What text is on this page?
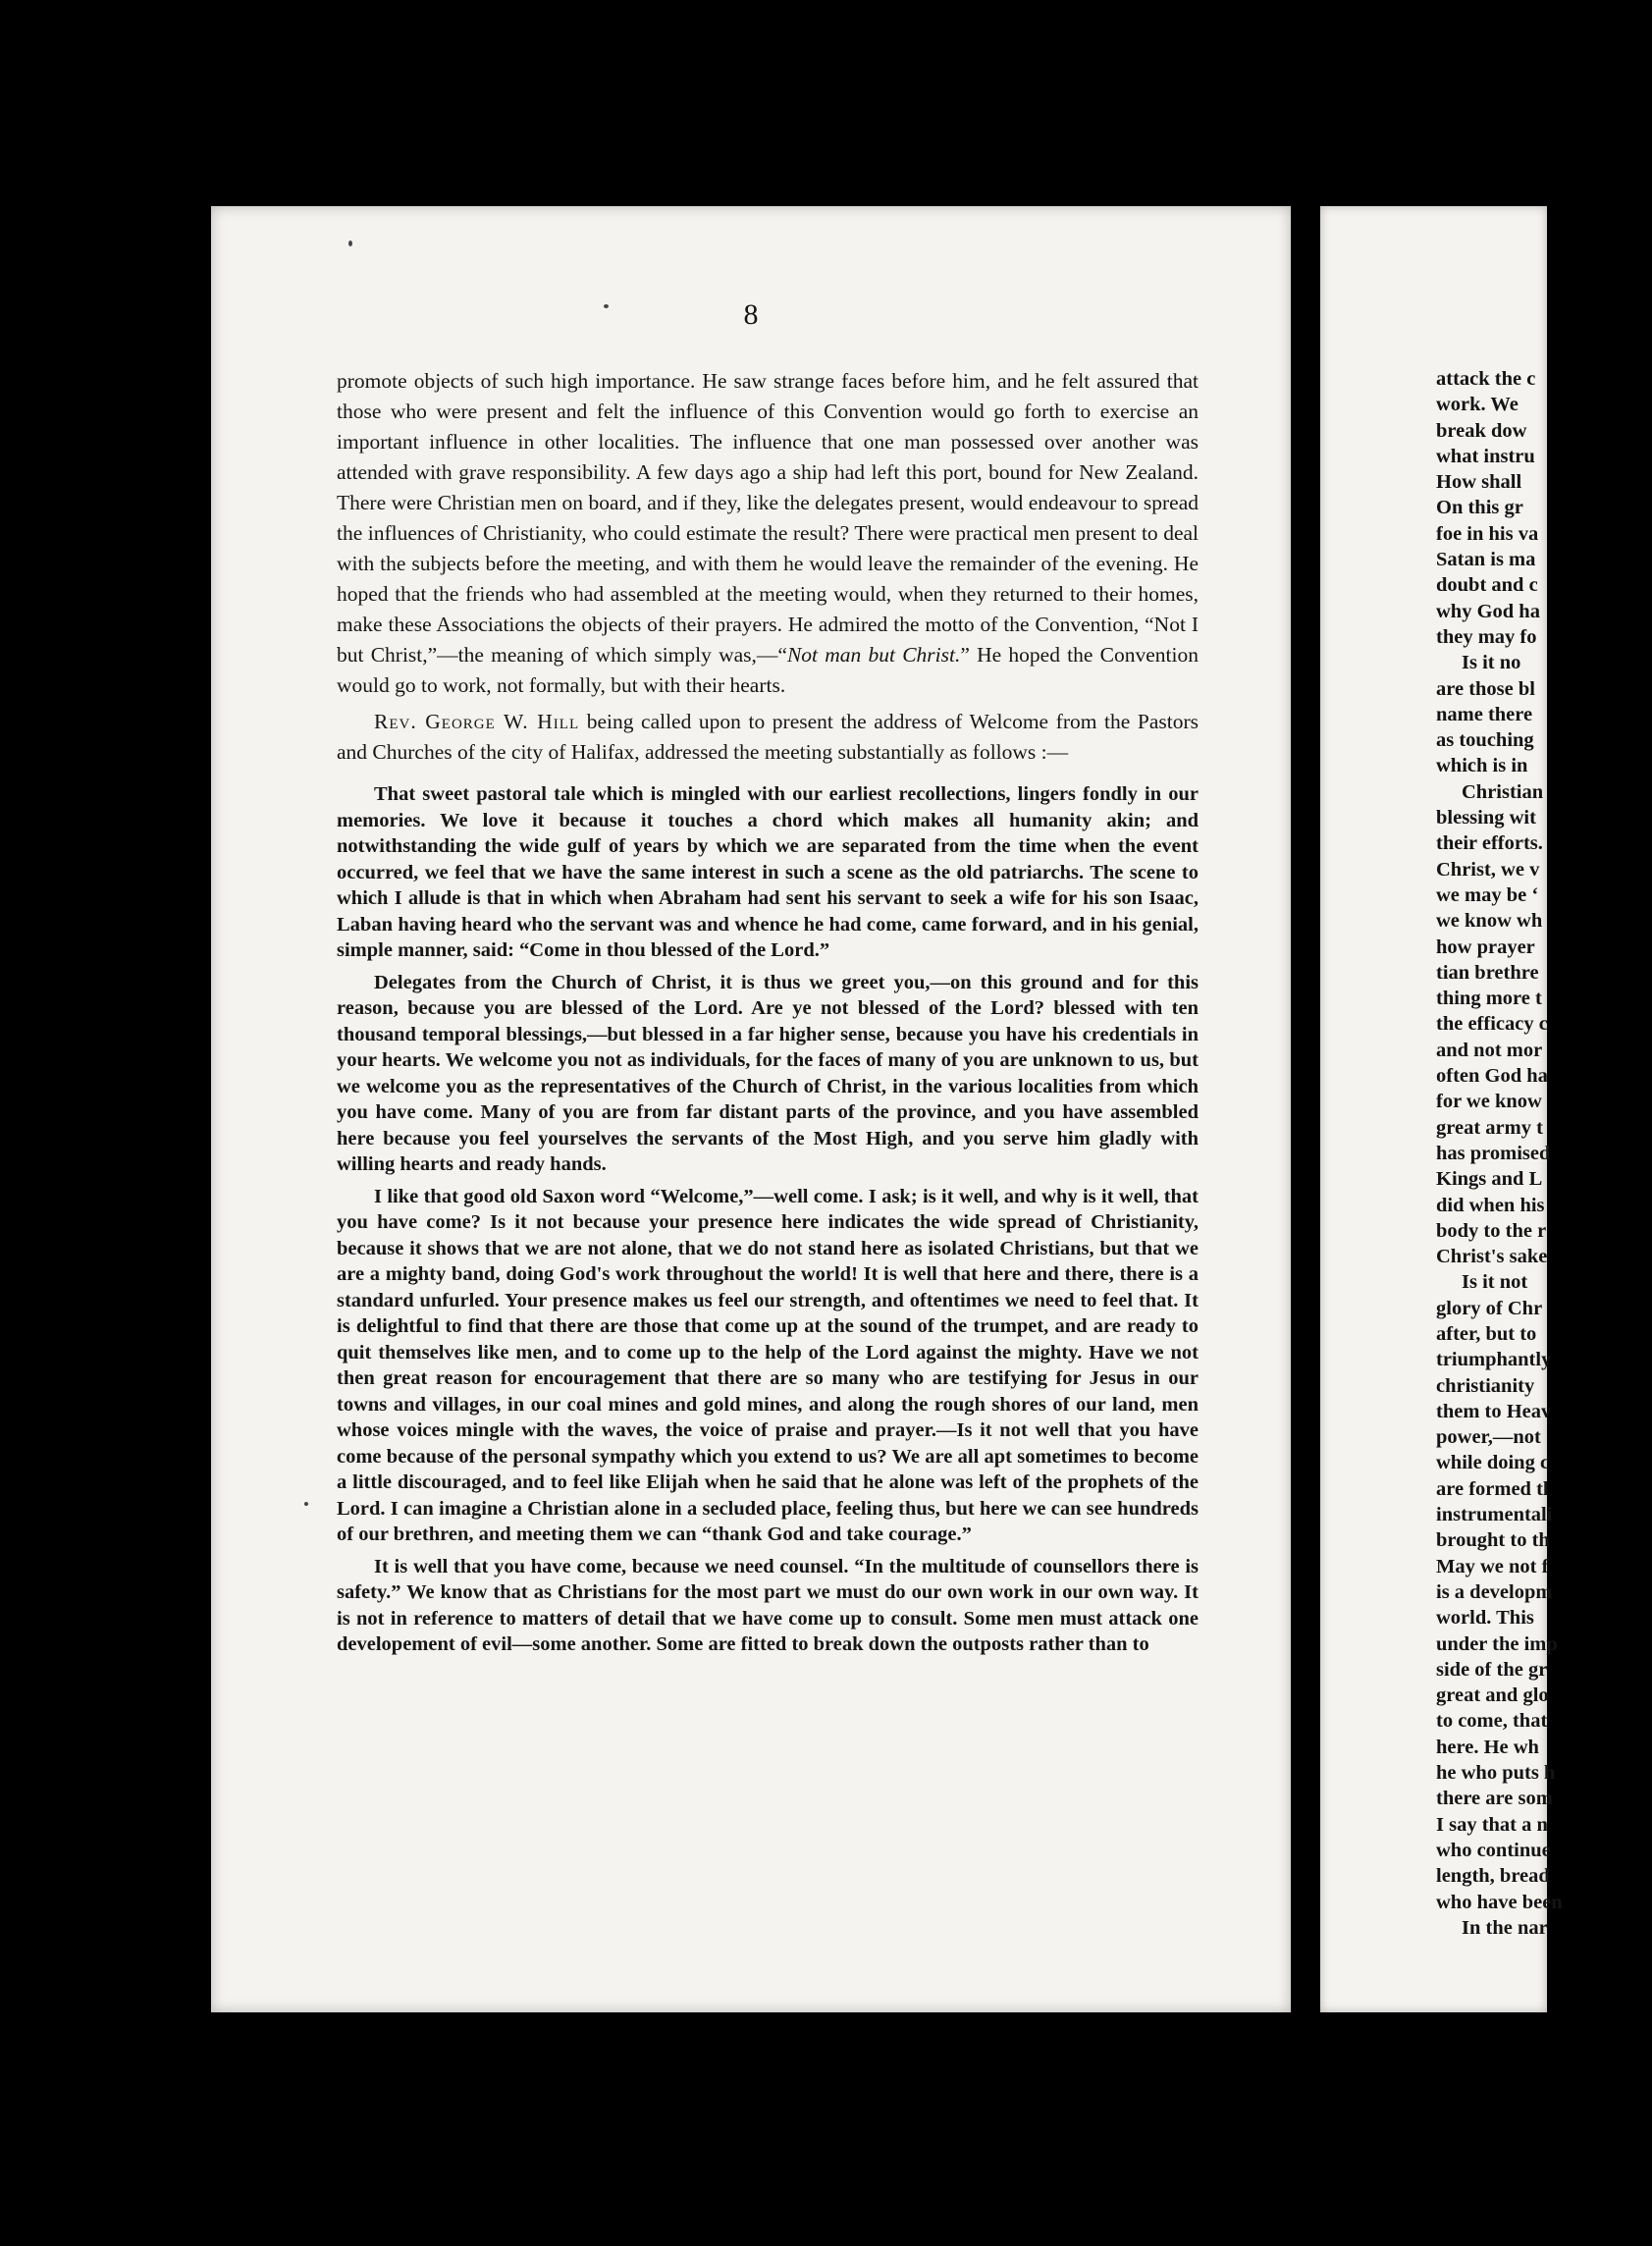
8

promote objects of such high importance. He saw strange faces before him, and he felt assured that those who were present and felt the influence of this Convention would go forth to exercise an important influence in other localities. The influence that one man possessed over another was attended with grave responsibility. A few days ago a ship had left this port, bound for New Zealand. There were Christian men on board, and if they, like the delegates present, would endeavour to spread the influences of Christianity, who could estimate the result? There were practical men present to deal with the subjects before the meeting, and with them he would leave the remainder of the evening. He hoped that the friends who had assembled at the meeting would, when they returned to their homes, make these Associations the objects of their prayers. He admired the motto of the Convention, “Not I but Christ,”—the meaning of which simply was,—“Not man but Christ.” He hoped the Convention would go to work, not formally, but with their hearts.

Rev. George W. Hill being called upon to present the address of Welcome from the Pastors and Churches of the city of Halifax, addressed the meeting substantially as follows :—

That sweet pastoral tale which is mingled with our earliest recollections, lingers fondly in our memories. We love it because it touches a chord which makes all humanity akin; and notwithstanding the wide gulf of years by which we are separated from the time when the event occurred, we feel that we have the same interest in such a scene as the old patriarchs. The scene to which I allude is that in which when Abraham had sent his servant to seek a wife for his son Isaac, Laban having heard who the servant was and whence he had come, came forward, and in his genial, simple manner, said: “Come in thou blessed of the Lord.”

Delegates from the Church of Christ, it is thus we greet you,—on this ground and for this reason, because you are blessed of the Lord. Are ye not blessed of the Lord? blessed with ten thousand temporal blessings,—but blessed in a far higher sense, because you have his credentials in your hearts. We welcome you not as individuals, for the faces of many of you are unknown to us, but we welcome you as the representatives of the Church of Christ, in the various localities from which you have come. Many of you are from far distant parts of the province, and you have assembled here because you feel yourselves the servants of the Most High, and you serve him gladly with willing hearts and ready hands.

I like that good old Saxon word “Welcome,”—well come. I ask; is it well, and why is it well, that you have come? Is it not because your presence here indicates the wide spread of Christianity, because it shows that we are not alone, that we do not stand here as isolated Christians, but that we are a mighty band, doing God's work throughout the world! It is well that here and there, there is a standard unfurled. Your presence makes us feel our strength, and oftentimes we need to feel that. It is delightful to find that there are those that come up at the sound of the trumpet, and are ready to quit themselves like men, and to come up to the help of the Lord against the mighty. Have we not then great reason for encouragement that there are so many who are testifying for Jesus in our towns and villages, in our coal mines and gold mines, and along the rough shores of our land, men whose voices mingle with the waves, the voice of praise and prayer.—Is it not well that you have come because of the personal sympathy which you extend to us? We are all apt sometimes to become a little discouraged, and to feel like Elijah when he said that he alone was left of the prophets of the Lord. I can imagine a Christian alone in a secluded place, feeling thus, but here we can see hundreds of our brethren, and meeting them we can “thank God and take courage.”

It is well that you have come, because we need counsel. “In the multitude of counsellors there is safety.” We know that as Christians for the most part we must do our own work in our own way. It is not in reference to matters of detail that we have come up to consult. Some men must attack one developement of evil—some another. Some are fitted to break down the outposts rather than to

attack the c
work. We
break dow
what instru
How shall
On this gr
foe in his va
Satan is ma
doubt and c
why God ha
they may fo
Is it no
are those bl
name there
as touching
which is in
Christian
blessing wit
their efforts.
Christ, we v
we may be ‘
we know wh
how prayer
tian brethre
thing more t
the efficacy c
and not mor
often God ha
for we know
great army t
has promised
Kings and L
did when his
body to the r
Christ's sake
Is it not
glory of Chr
after, but to
triumphantly
christianity
them to Heav
power,—not
while doing c
are formed tl
instrumentali
brought to th
May we not f
is a developm
world. This
under the imp
side of the gr
great and glo
to come, that
here. He wh
he who puts h
there are som
I say that a n
who continue
length, bread
who have been
In the nar
